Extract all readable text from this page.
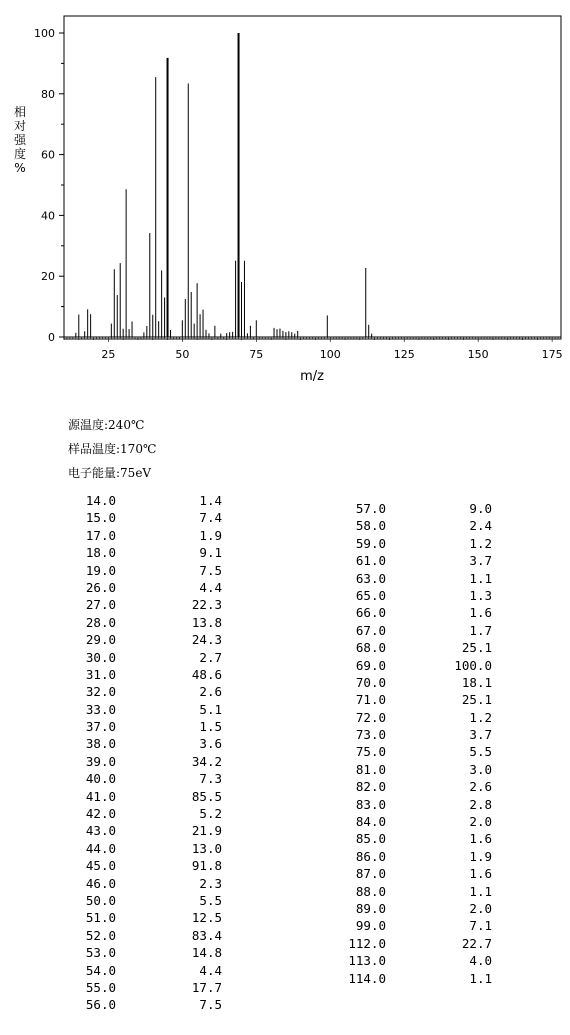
25	50	75	100	125	150	175
0
20
40
60
80
100
相对强度%
m/z
源温度:240℃
样品温度:170℃
电子能量:75eV
14.0	1.4
15.0	7.4
17.0	1.9
18.0	9.1
19.0	7.5
26.0	4.4
27.0	22.3
28.0	13.8
29.0	24.3
30.0	2.7
31.0	48.6
32.0	2.6
33.0	5.1
37.0	1.5
38.0	3.6
39.0	34.2
40.0	7.3
41.0	85.5
42.0	5.2
43.0	21.9
44.0	13.0
45.0	91.8
46.0	2.3
50.0	5.5
51.0	12.5
52.0	83.4
53.0	14.8
54.0	4.4
55.0	17.7
56.0	7.5
57.0	9.0
58.0	2.4
59.0	1.2
61.0	3.7
63.0	1.1
65.0	1.3
66.0	1.6
67.0	1.7
68.0	25.1
69.0	100.0
70.0	18.1
71.0	25.1
72.0	1.2
73.0	3.7
75.0	5.5
81.0	3.0
82.0	2.6
83.0	2.8
84.0	2.0
85.0	1.6
86.0	1.9
87.0	1.6
88.0	1.1
89.0	2.0
99.0	7.1
112.0	22.7
113.0	4.0
114.0	1.1
